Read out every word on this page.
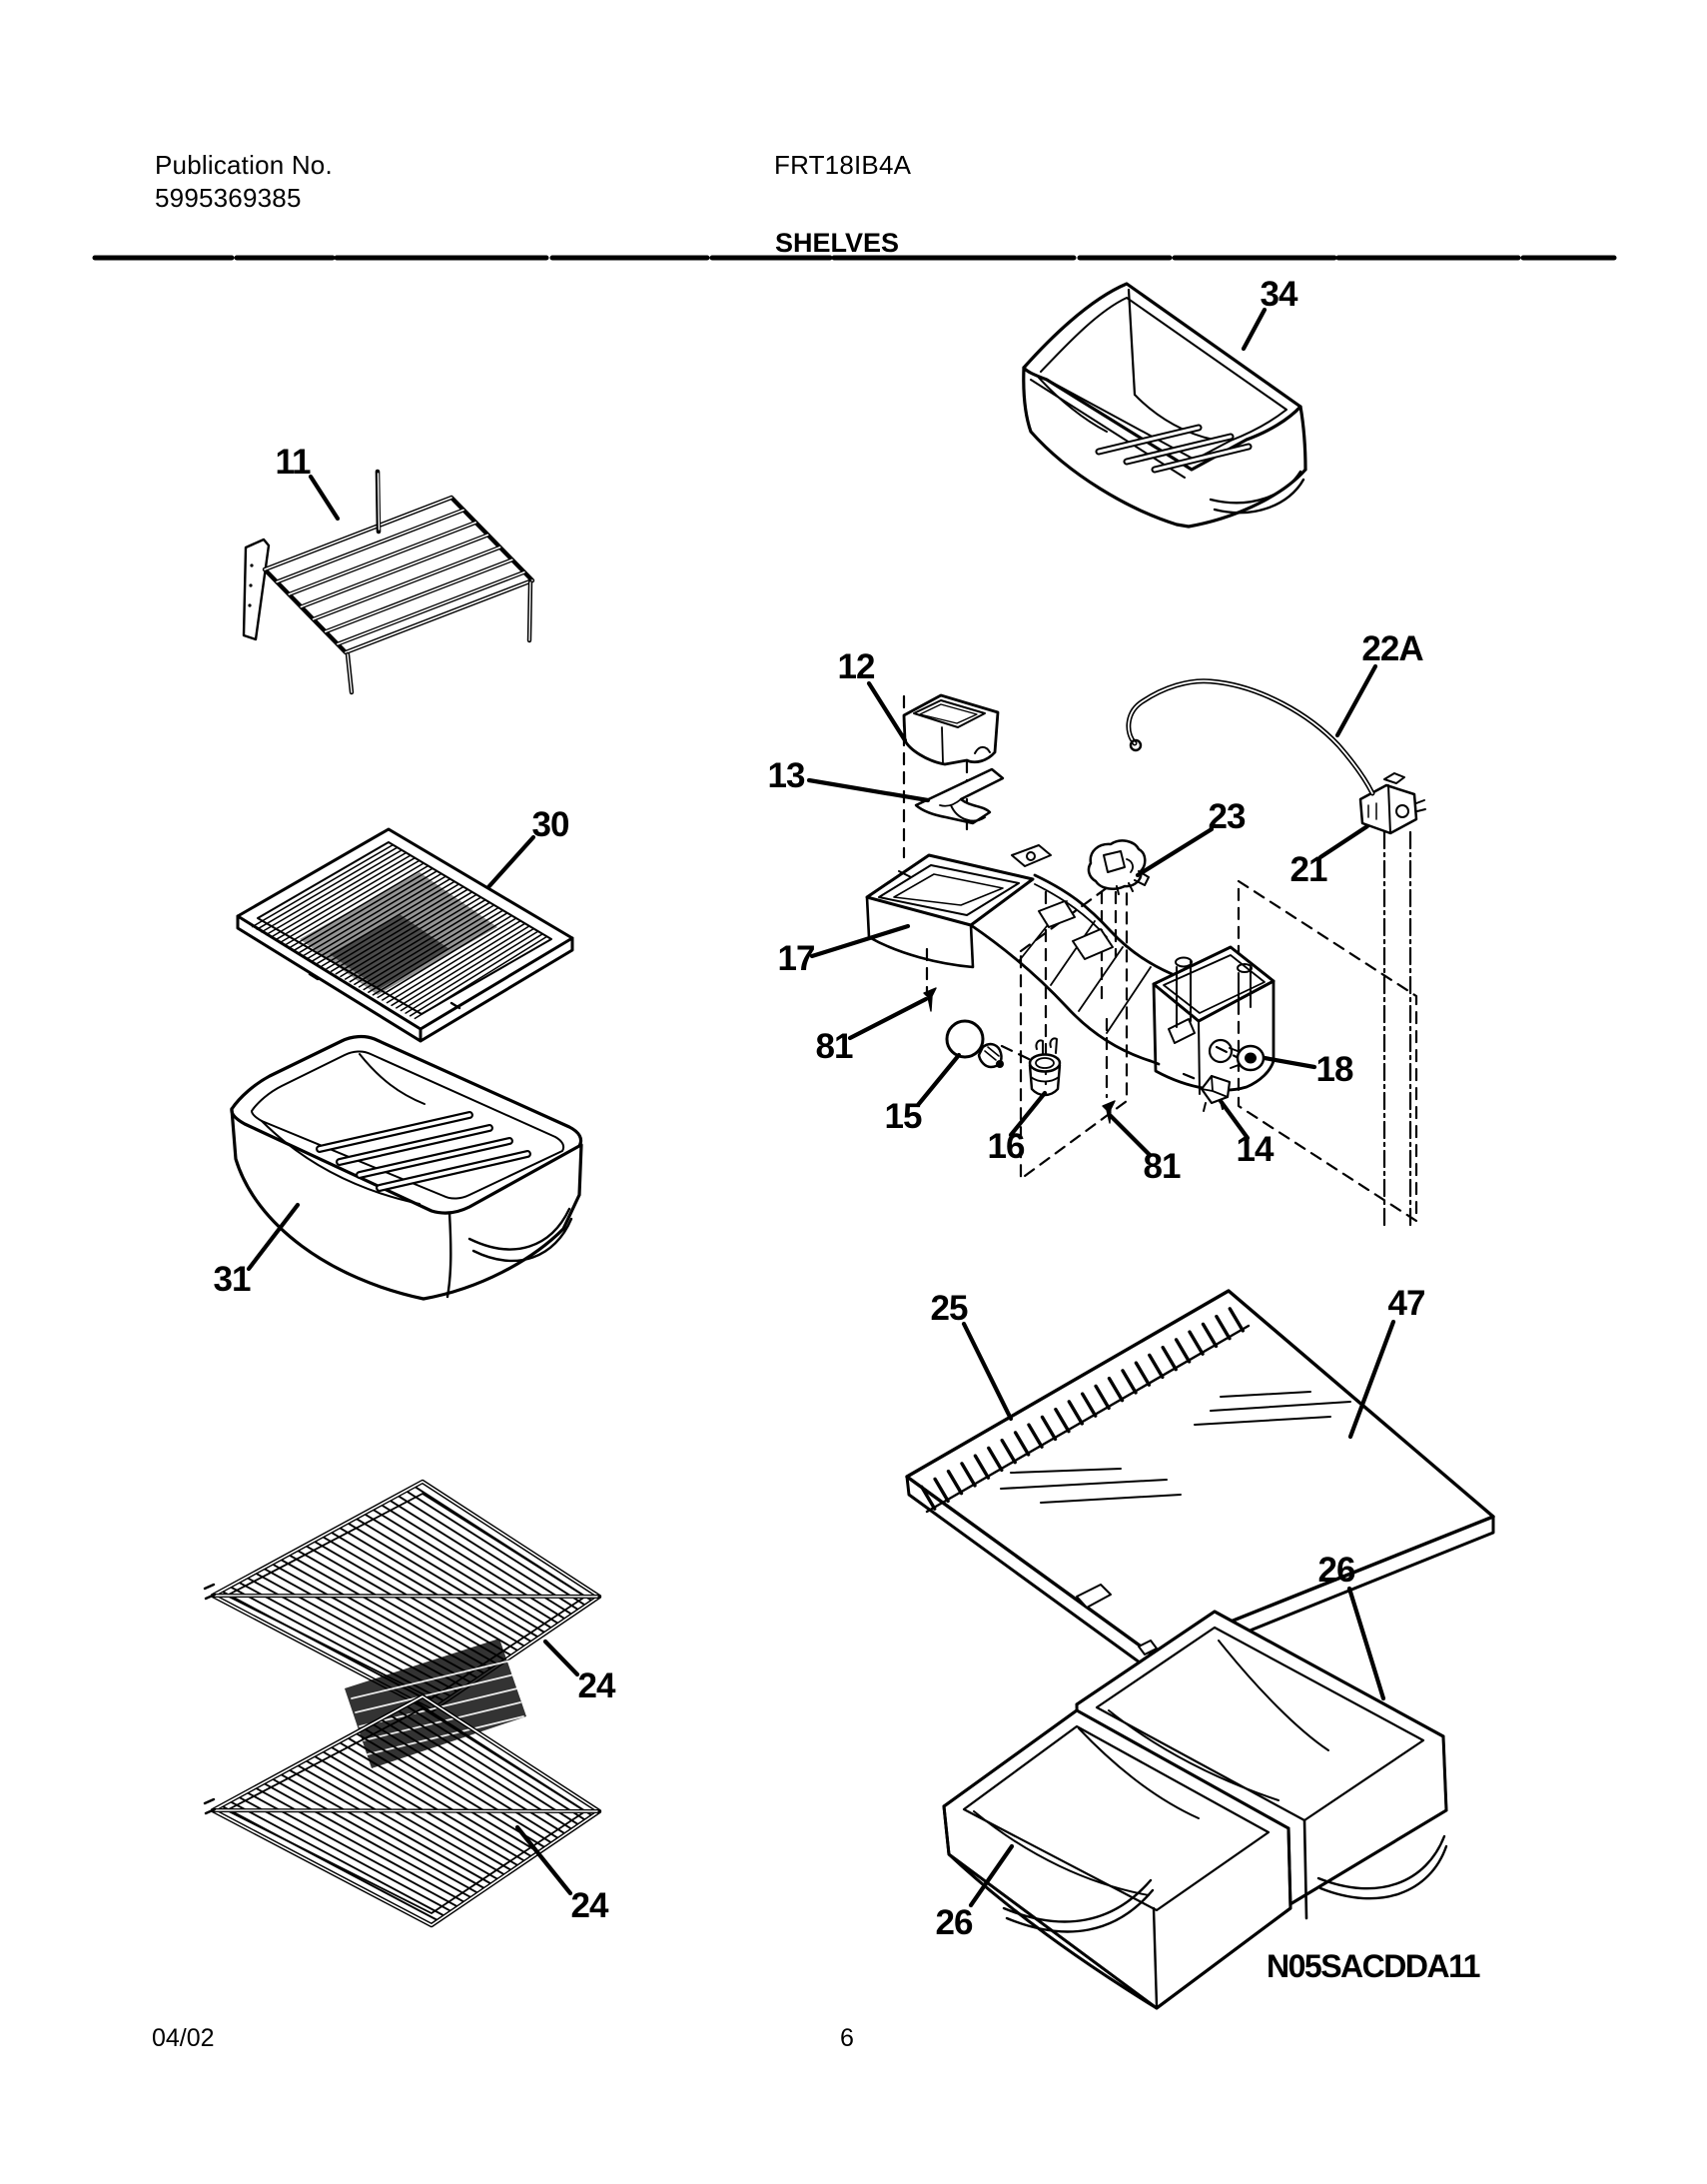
Publication No.
5995369385
FRT18IB4A
SHELVES
34
11
12	22A
13
23
21
30
17
81
15
16
81 14
18
31
25	47
24
24
26
26
N05SACDDA11
04/02	6
